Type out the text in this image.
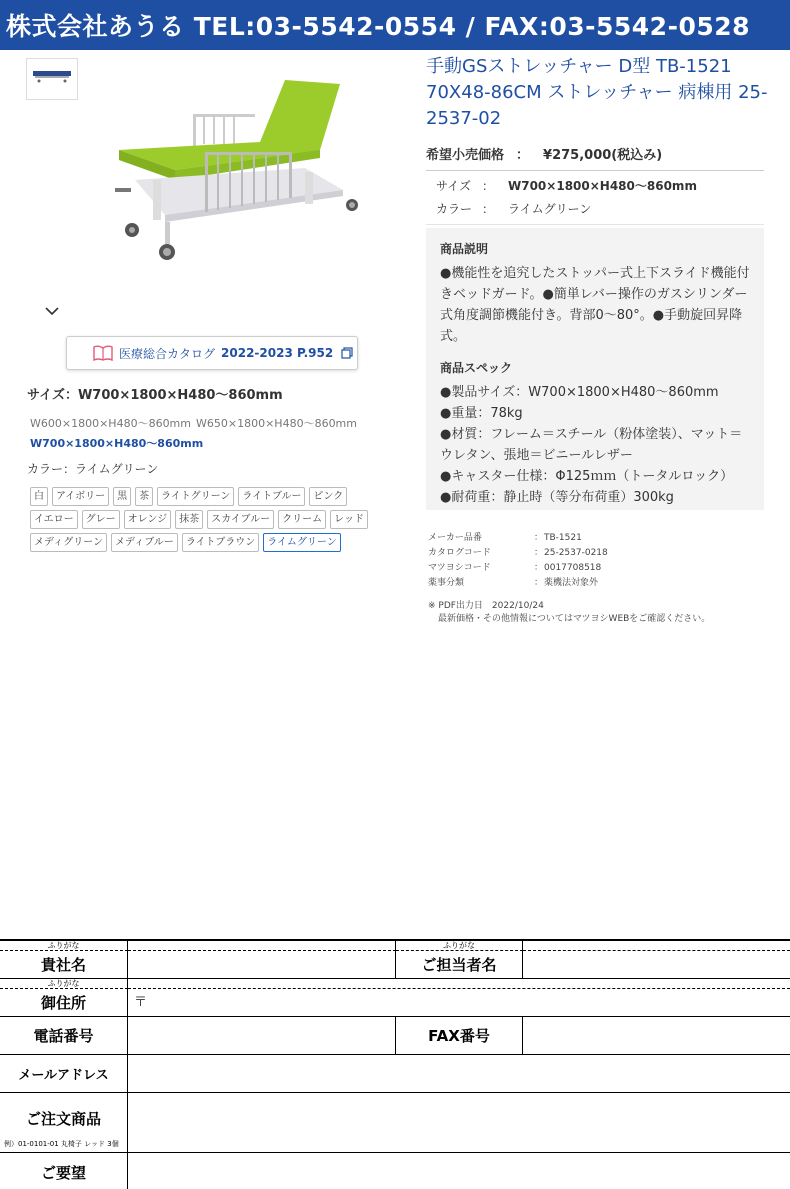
株式会社あうる TEL:03-5542-0554 / FAX:03-5542-0528
医療総合カタログ 2022-2023 P.952
サイズ：W700×1800×H480～860mm
W600×1800×H480～860mm W650×1800×H480～860mm
W700×1800×H480～860mm
カラー：ライムグリーン
白	アイボリー	黒	茶	ライトグリーン	ライトブルー	ピンク
イエロー	グレー	オレンジ	抹茶	スカイブルー	クリーム	レッド
メディグリーン	メディブルー	ライトブラウン	ライムグリーン
手動GSストレッチャー D型 TB-1521 70X48-86CM ストレッチャー 病棟用 25-2537-02
希望小売価格 ： ¥275,000(税込み)
サイズ ： W700×1800×H480～860mm
カラー ： ライムグリーン
商品説明

●機能性を追究したストッパー式上下スライド機能付きベッドガード。●簡単レバー操作のガスシリンダー式角度調節機能付き。背部0～80°。●手動旋回昇降式。

商品スペック

●製品サイズ：W700×1800×H480～860mm

●重量：78kg

●材質：フレーム＝スチール（粉体塗装）、マット＝ウレタン、張地＝ビニールレザー

●キャスター仕様：Φ125ｍｍ（トータルロック）

●耐荷重：静止時（等分布荷重）300kg

メーカー品番	：TB-1521
カタログコード	：25-2537-0218
マツヨシコード	：0017708518
薬事分類	：薬機法対象外
※ PDF出力日　2022/10/24
最新価格・その他情報についてはマツヨシWEBをご確認ください。
ふりがな	ふりがな
貴社名	ご担当者名
ふりがな
御住所	〒
電話番号	FAX番号
メールアドレス
ご注文商品
例）01-0101-01 丸椅子 レッド 3個
ご要望
